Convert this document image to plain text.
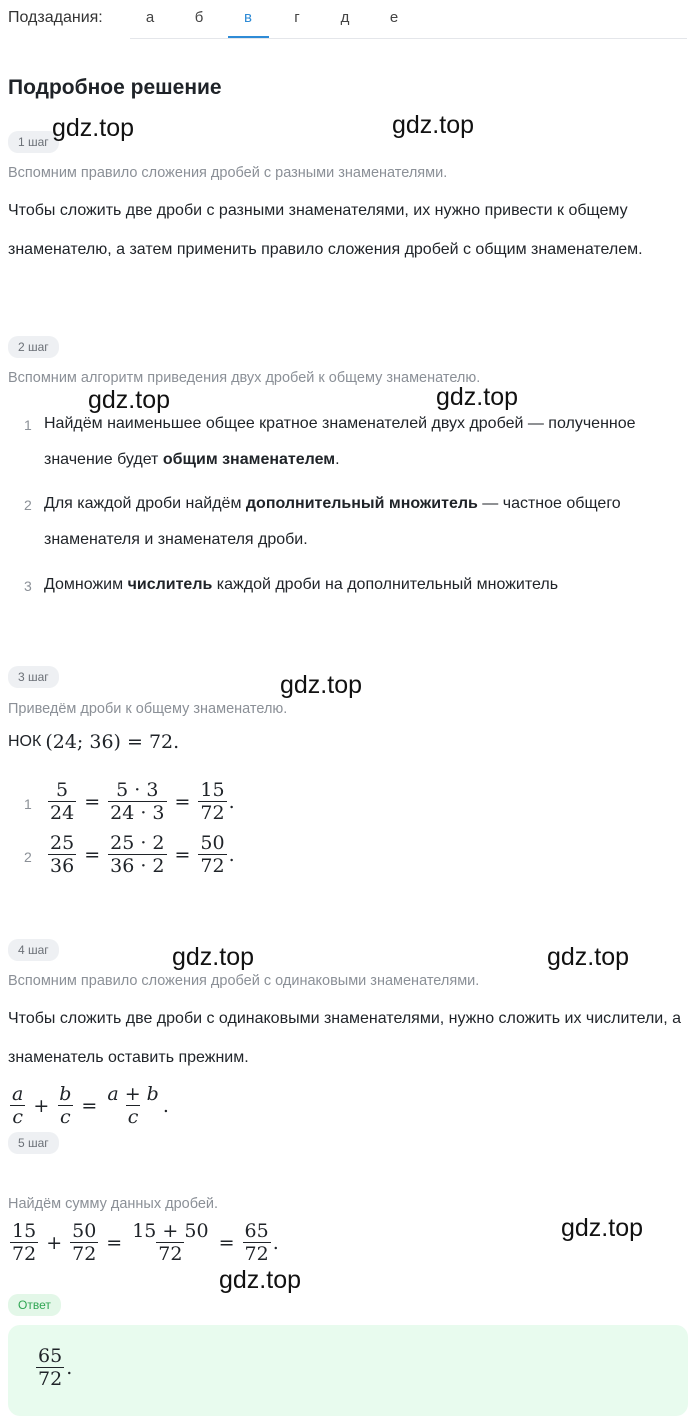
Подзадания:	а	б	в	г	д	е
Подробное решение
1 шаг
Вспомним правило сложения дробей с разными знаменателями.
Чтобы сложить две дроби с разными знаменателями, их нужно привести к общему знаменателю, а затем применить правило сложения дробей с общим знаменателем.
2 шаг
Вспомним алгоритм приведения двух дробей к общему знаменателю.
1 Найдём наименьшее общее кратное знаменателей двух дробей — полученное значение будет общим знаменателем.
2 Для каждой дроби найдём дополнительный множитель — частное общего знаменателя и знаменателя дроби.
3 Домножим числитель каждой дроби на дополнительный множитель
3 шаг
Приведём дроби к общему знаменателю.
НОК (24; 36) = 72.
$1 \frac{5}{24} = \frac{5 \cdot 3}{24 \cdot 3} = \frac{15}{72}$ .
$2 \frac{25}{36} = \frac{25 \cdot 2}{36 \cdot 2} = \frac{50}{72}$ .
4 шаг
Вспомним правило сложения дробей с одинаковыми знаменателями.
Чтобы сложить две дроби с одинаковыми знаменателями, нужно сложить их числители, а знаменатель оставить прежним.
$\frac{a}{c} + \frac{b}{c} = \frac{a + b}{c}$ .
5 шаг
Найдём сумму данных дробей.
$\frac{15}{72} + \frac{50}{72} = \frac{15 + 50}{72} = \frac{65}{72}$ .
Ответ
$\frac{65}{72}$ .
gdz.top	gdz.top
gdz.top	gdz.top
gdz.top
gdz.top	gdz.top
gdz.top
gdz.top
